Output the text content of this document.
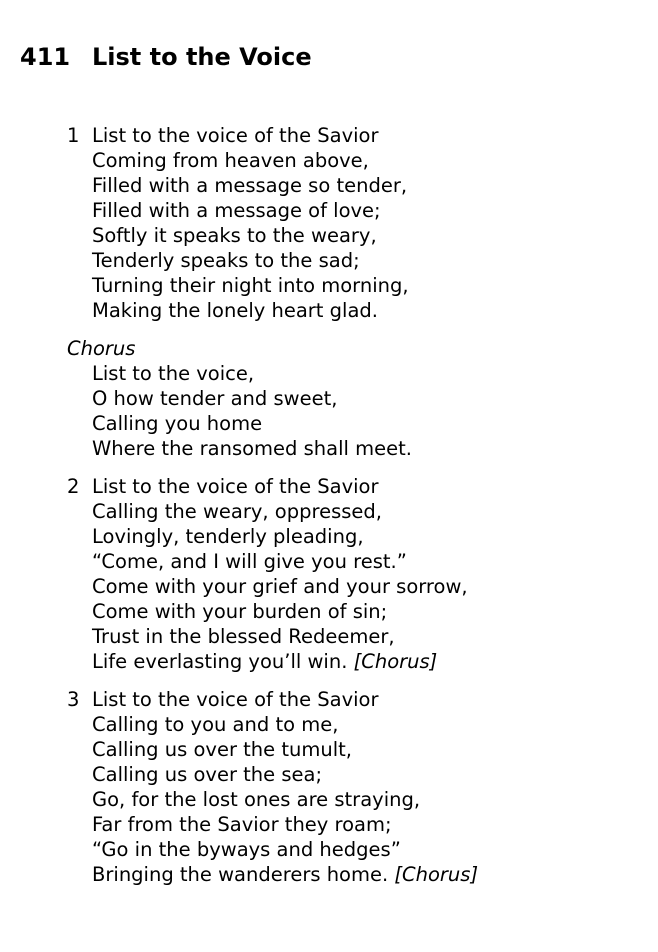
411 List to the Voice
1 List to the voice of the Savior
Coming from heaven above,
Filled with a message so tender,
Filled with a message of love;
Softly it speaks to the weary,
Tenderly speaks to the sad;
Turning their night into morning,
Making the lonely heart glad.
Chorus
List to the voice,
O how tender and sweet,
Calling you home
Where the ransomed shall meet.
2 List to the voice of the Savior
Calling the weary, oppressed,
Lovingly, tenderly pleading,
“Come, and I will give you rest.”
Come with your grief and your sorrow,
Come with your burden of sin;
Trust in the blessed Redeemer,
Life everlasting you’ll win. [Chorus]
3 List to the voice of the Savior
Calling to you and to me,
Calling us over the tumult,
Calling us over the sea;
Go, for the lost ones are straying,
Far from the Savior they roam;
“Go in the byways and hedges”
Bringing the wanderers home. [Chorus]
